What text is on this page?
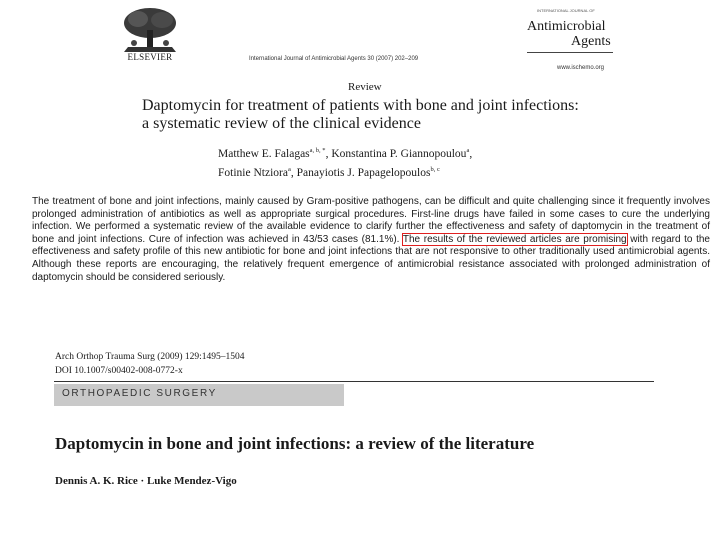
ELSEVIER	International Journal of Antimicrobial Agents 30 (2007) 202–209
INTERNATIONAL JOURNAL OF
Antimicrobial
Agents
www.ischemo.org
Review
Daptomycin for treatment of patients with bone and joint infections:
a systematic review of the clinical evidence
Matthew E. Falagas$^{a, b, *}$, Konstantina P. Giannopoulou$^a$,
Fotinie Ntziora$^a$, Panayiotis J. Papagelopoulos$^{b, c}$
The treatment of bone and joint infections, mainly caused by Gram-positive pathogens, can be difficult and quite challenging since it frequently involves prolonged administration of antibiotics as well as appropriate surgical procedures. First-line drugs have failed in some cases to cure the underlying infection. We performed a systematic review of the available evidence to clarify further the effectiveness and safety of daptomycin in the treatment of bone and joint infections. Cure of infection was achieved in 43/53 cases (81.1%). The results of the reviewed articles are promising with regard to the effectiveness and safety profile of this new antibiotic for bone and joint infections that are not responsive to other traditionally used antimicrobial agents. Although these reports are encouraging, the relatively frequent emergence of antimicrobial resistance associated with prolonged administration of daptomycin should be considered seriously.
Arch Orthop Trauma Surg (2009) 129:1495–1504
DOI 10.1007/s00402-008-0772-x
ORTHOPAEDIC SURGERY
Daptomycin in bone and joint infections: a review of the literature
Dennis A. K. Rice · Luke Mendez-Vigo
